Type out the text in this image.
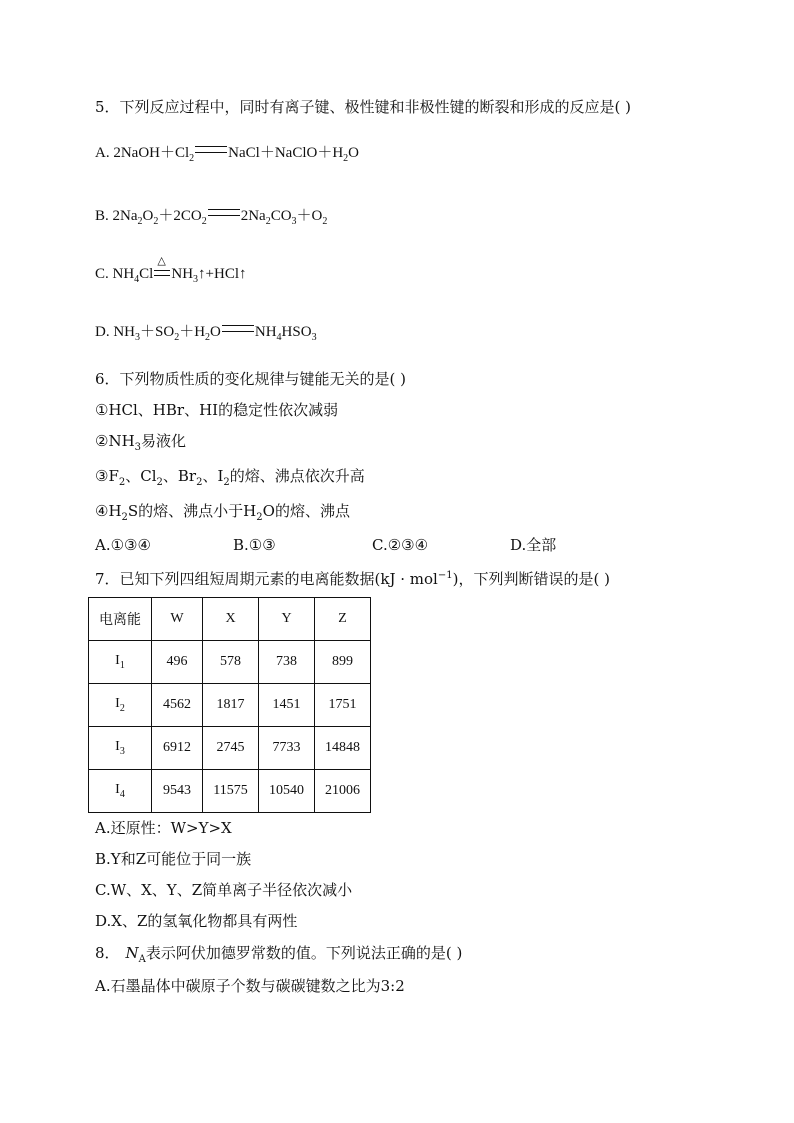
5．下列反应过程中，同时有离子键、极性键和非极性键的断裂和形成的反应是( )
A. $2NaOH+Cl_2$ $NaCl+NaClO+H_2O$
B. $2Na_2O_2+2CO_2$ $2Na_2CO_3+O_2$
C. $NH_4Cl$
△
$NH_3↑+HCl↑$
D. $NH_3+SO_2+H_2O$ $NH_4HSO_3$
6．下列物质性质的变化规律与键能无关的是( )
①HCl、HBr、HI的稳定性依次减弱
$②NH_3$易液化
$③F_2$、$Cl_2$、$Br_2$、$I_2$的熔、沸点依次升高
$④H_2S$的熔、沸点小于$H_2O$的熔、沸点
A.①③④	B.①③	C.②③④	D.全部
7．已知下列四组短周期元素的电离能数据(kJ · mol$^{-1}$)，下列判断错误的是( )
电离能	W	X	Y	Z
$I_1$	496	578	738	899
$I_2$	4562	1817	1451	1751
$I_3$	6912	2745	7733	14848
$I_4$	9543	11575	10540	21006
A.还原性：W>Y>X
B.Y和Z可能位于同一族
C.W、X、Y、Z简单离子半径依次减小
D.X、Z的氢氧化物都具有两性
8． $N_A$表示阿伏加德罗常数的值。下列说法正确的是( )
A.石墨晶体中碳原子个数与碳碳键数之比为3:2
